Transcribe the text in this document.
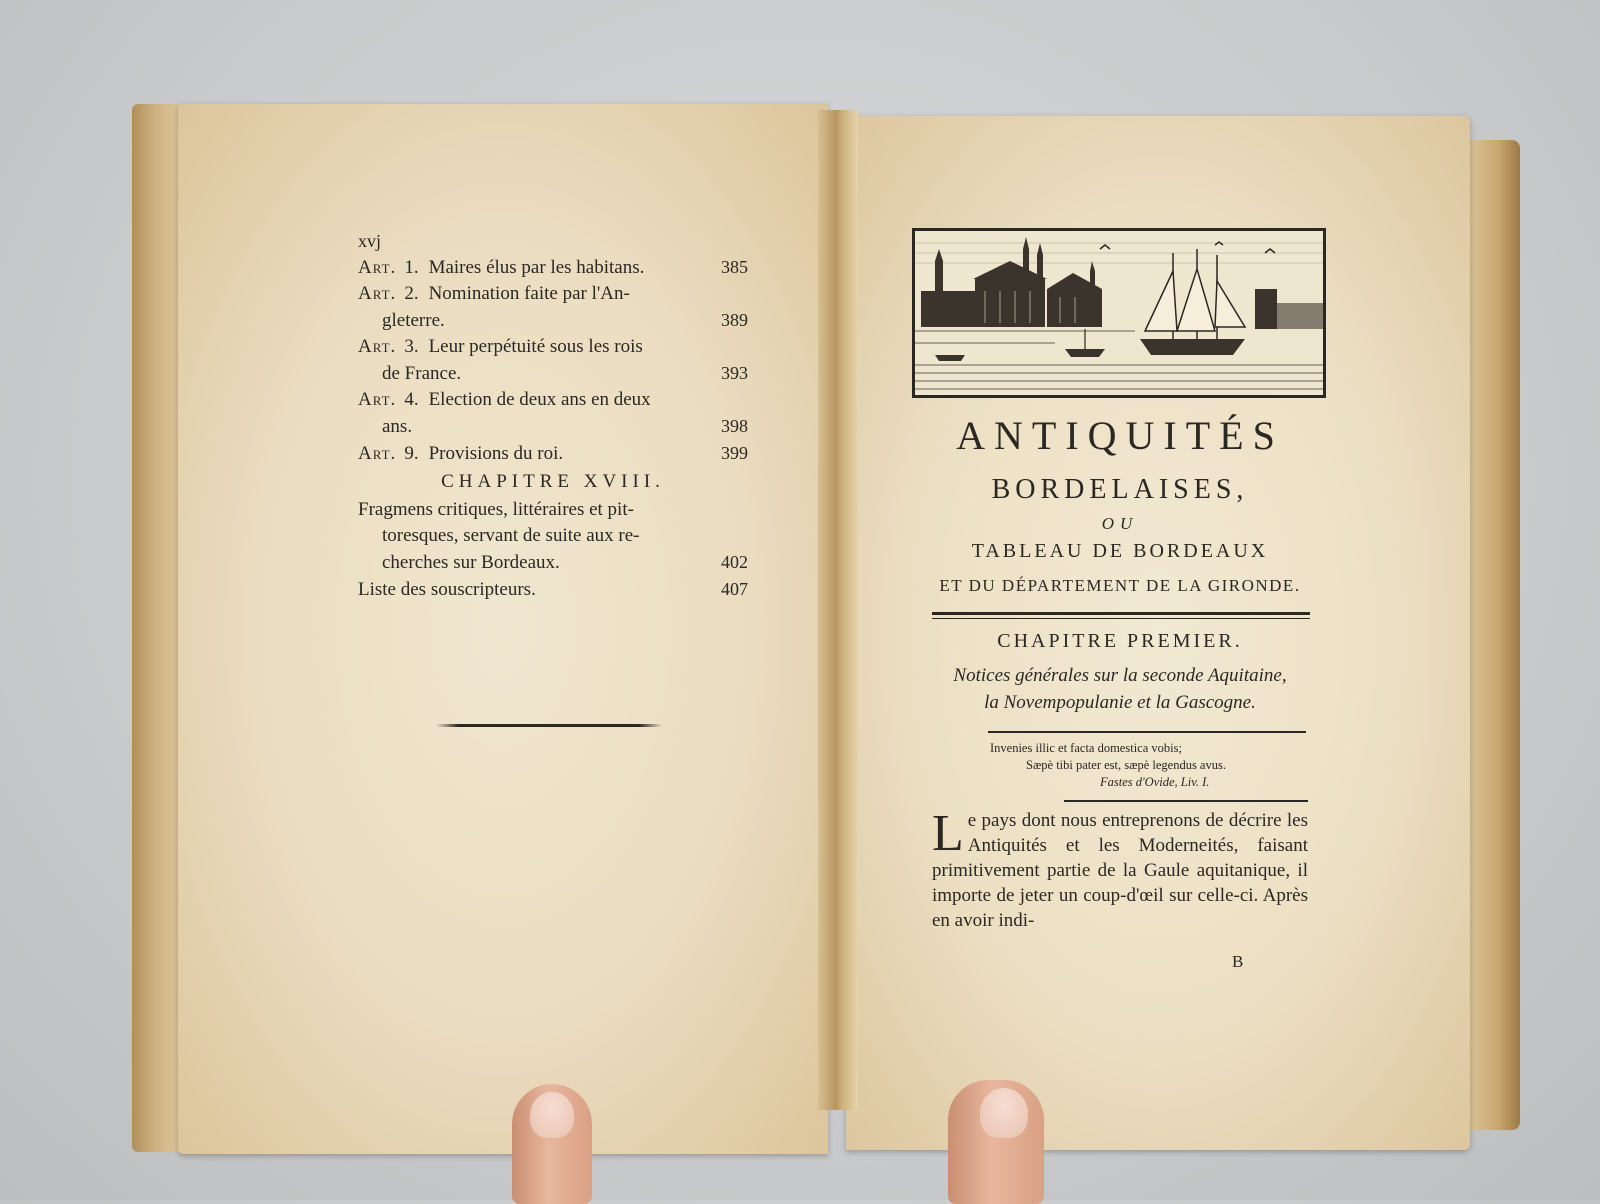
xvj
Art. 1. Maires élus par les habitans.	385
Art. 2. Nomination faite par l'An-
gleterre.	389
Art. 3. Leur perpétuité sous les rois
de France.	393
Art. 4. Election de deux ans en deux
ans.	398
Art. 9. Provisions du roi.	399
CHAPITRE XVIII.
Fragmens critiques, littéraires et pit-
toresques, servant de suite aux re-
cherches sur Bordeaux.	402
Liste des souscripteurs.	407
ANTIQUITÉS
BORDELAISES,
OU
TABLEAU DE BORDEAUX
ET DU DÉPARTEMENT DE LA GIRONDE.
CHAPITRE PREMIER.
Notices générales sur la seconde Aquitaine,
la Novempopulanie et la Gascogne.
Invenies illic et facta domestica vobis;
Sæpè tibi pater est, sæpè legendus avus.
Fastes d'Ovide, Liv. I.
Le pays dont nous entreprenons de décrire les Antiquités et les Moderneités, faisant primitivement partie de la Gaule aquitanique, il importe de jeter un coup-d'œil sur celle-ci. Après en avoir indi-
B
